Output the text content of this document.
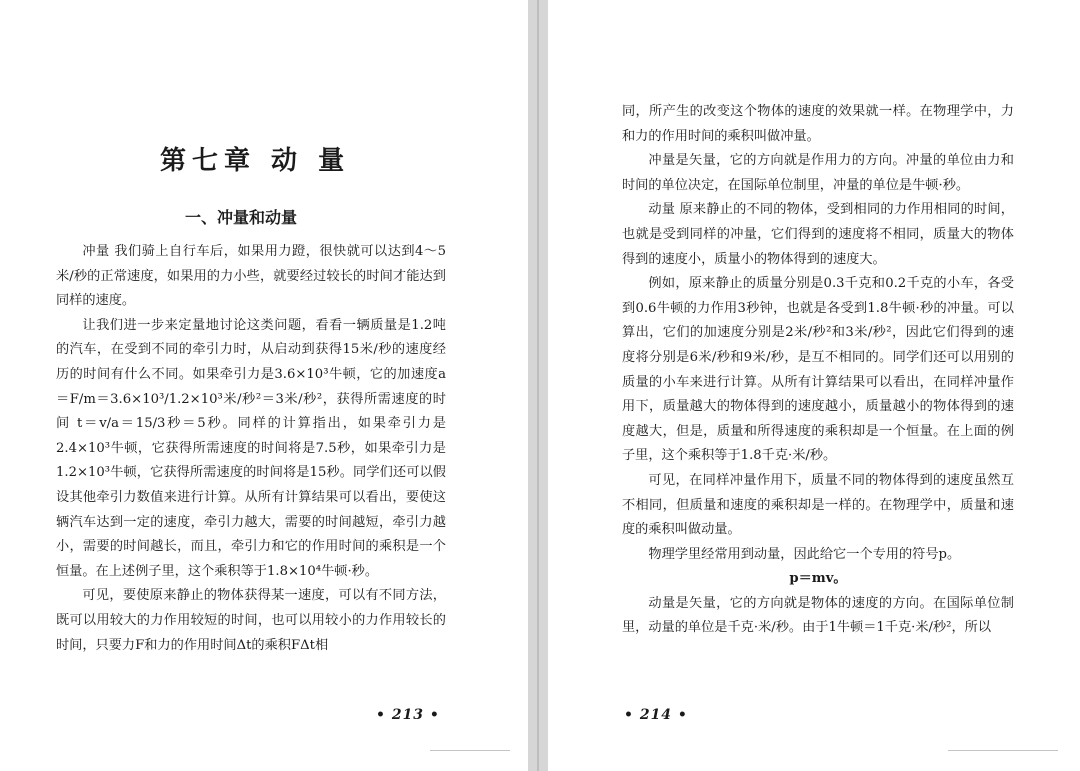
第七章 动 量
一、冲量和动量

冲量 我们骑上自行车后，如果用力蹬，很快就可以达到4～5米/秒的正常速度，如果用的力小些，就要经过较长的时间才能达到同样的速度。

让我们进一步来定量地讨论这类问题，看看一辆质量是1.2吨的汽车，在受到不同的牵引力时，从启动到获得15米/秒的速度经历的时间有什么不同。如果牵引力是3.6×10³牛顿，它的加速度a＝F/m＝3.6×10³/1.2×10³米/秒²＝3米/秒²，获得所需速度的时间 t＝v/a＝15/3秒＝5秒。同样的计算指出，如果牵引力是2.4×10³牛顿，它获得所需速度的时间将是7.5秒，如果牵引力是1.2×10³牛顿，它获得所需速度的时间将是15秒。同学们还可以假设其他牵引力数值来进行计算。从所有计算结果可以看出，要使这辆汽车达到一定的速度，牵引力越大，需要的时间越短，牵引力越小，需要的时间越长，而且，牵引力和它的作用时间的乘积是一个恒量。在上述例子里，这个乘积等于1.8×10⁴牛顿·秒。

可见，要使原来静止的物体获得某一速度，可以有不同方法，既可以用较大的力作用较短的时间，也可以用较小的力作用较长的时间，只要力F和力的作用时间Δt的乘积FΔt相

• 213 •

同，所产生的改变这个物体的速度的效果就一样。在物理学中，力和力的作用时间的乘积叫做冲量。

冲量是矢量，它的方向就是作用力的方向。冲量的单位由力和时间的单位决定，在国际单位制里，冲量的单位是牛顿·秒。

动量 原来静止的不同的物体，受到相同的力作用相同的时间，也就是受到同样的冲量，它们得到的速度将不相同，质量大的物体得到的速度小，质量小的物体得到的速度大。

例如，原来静止的质量分别是0.3千克和0.2千克的小车，各受到0.6牛顿的力作用3秒钟，也就是各受到1.8牛顿·秒的冲量。可以算出，它们的加速度分别是2米/秒²和3米/秒²，因此它们得到的速度将分别是6米/秒和9米/秒，是互不相同的。同学们还可以用别的质量的小车来进行计算。从所有计算结果可以看出，在同样冲量作用下，质量越大的物体得到的速度越小，质量越小的物体得到的速度越大，但是，质量和所得速度的乘积却是一个恒量。在上面的例子里，这个乘积等于1.8千克·米/秒。

可见，在同样冲量作用下，质量不同的物体得到的速度虽然互不相同，但质量和速度的乘积却是一样的。在物理学中，质量和速度的乘积叫做动量。

物理学里经常用到动量，因此给它一个专用的符号p。

p＝mv。

动量是矢量，它的方向就是物体的速度的方向。在国际单位制里，动量的单位是千克·米/秒。由于1牛顿＝1千克·米/秒²，所以

• 214 •
